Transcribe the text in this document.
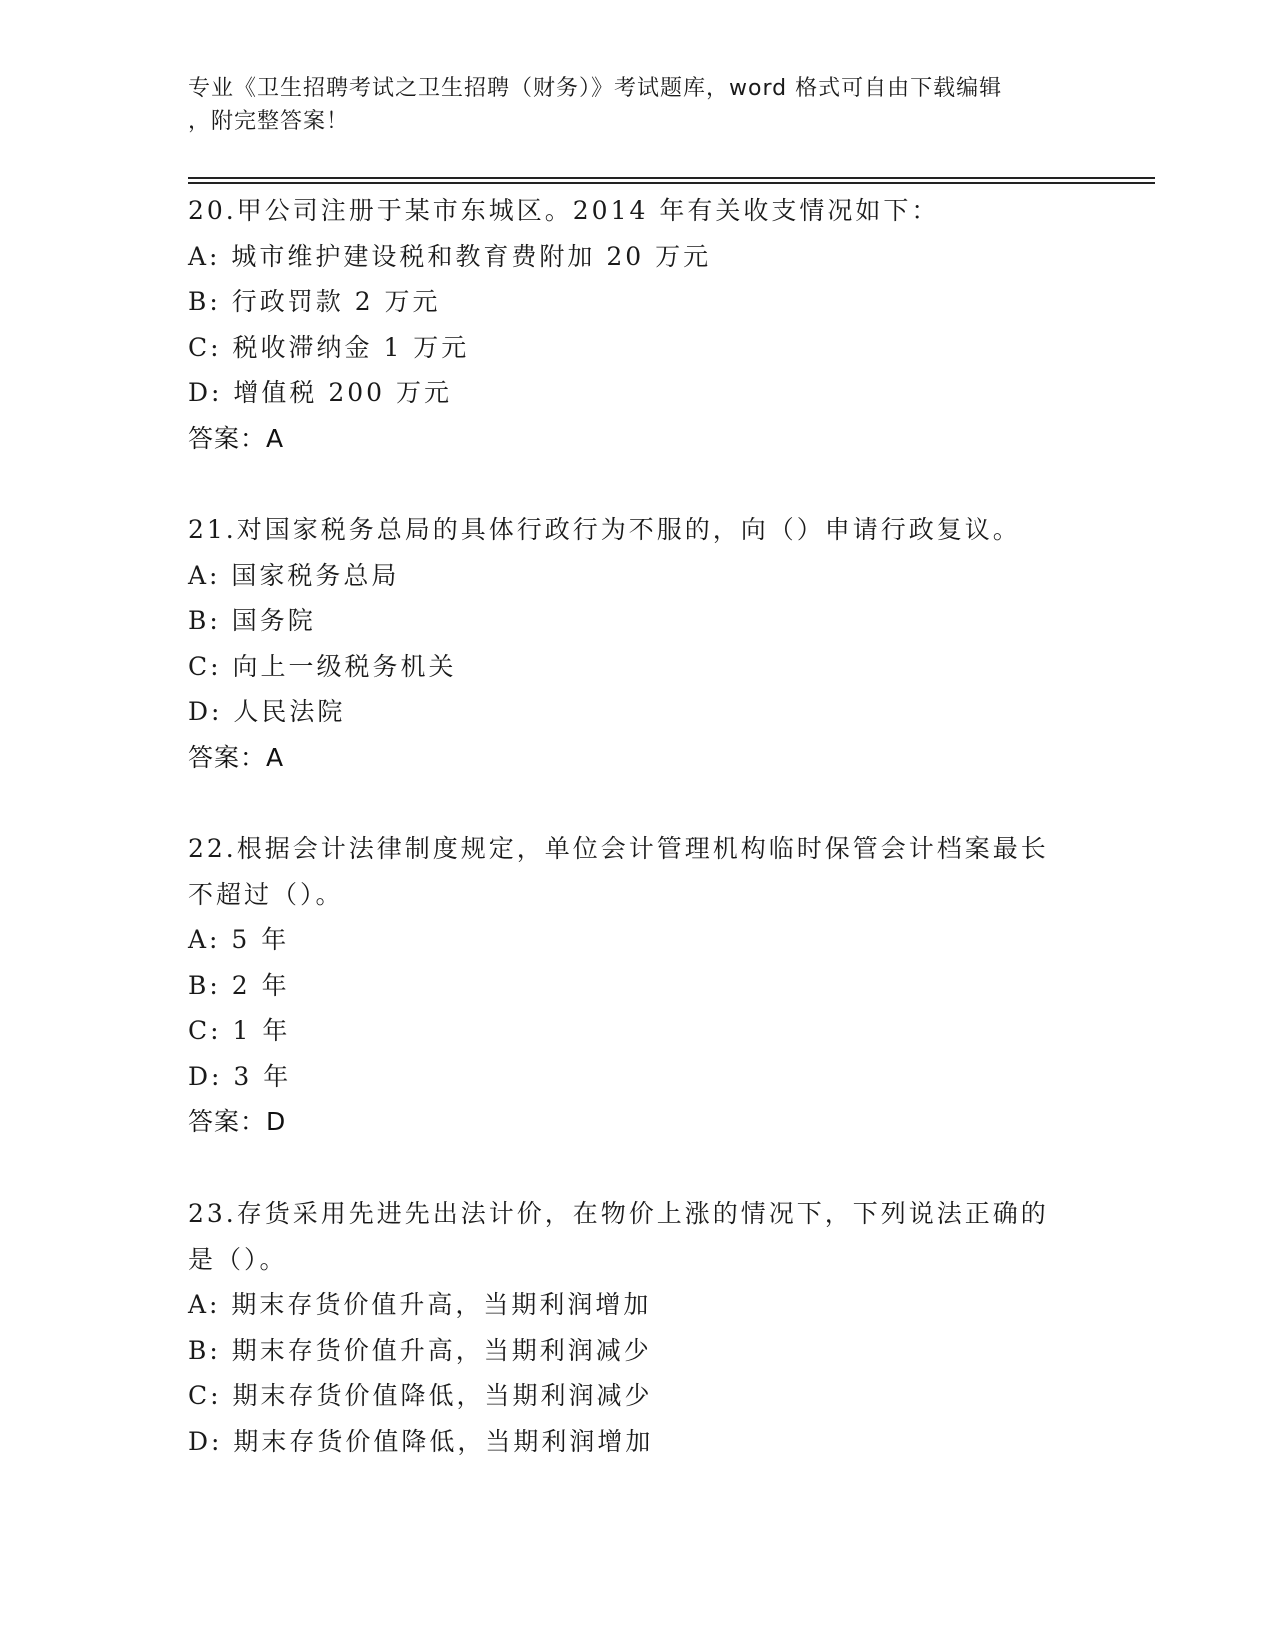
专业《卫生招聘考试之卫生招聘（财务）》考试题库，word 格式可自由下载编辑
，附完整答案！
20.甲公司注册于某市东城区。2014 年有关收支情况如下：
A: 城市维护建设税和教育费附加 20 万元
B: 行政罚款 2 万元
C: 税收滞纳金 1 万元
D: 增值税 200 万元
答案：A
21.对国家税务总局的具体行政行为不服的，向（）申请行政复议。
A: 国家税务总局
B: 国务院
C: 向上一级税务机关
D: 人民法院
答案：A
22.根据会计法律制度规定，单位会计管理机构临时保管会计档案最长
不超过（）。
A: 5 年
B: 2 年
C: 1 年
D: 3 年
答案：D
23.存货采用先进先出法计价，在物价上涨的情况下，下列说法正确的
是（）。
A: 期末存货价值升高，当期利润增加
B: 期末存货价值升高，当期利润减少
C: 期末存货价值降低，当期利润减少
D: 期末存货价值降低，当期利润增加
